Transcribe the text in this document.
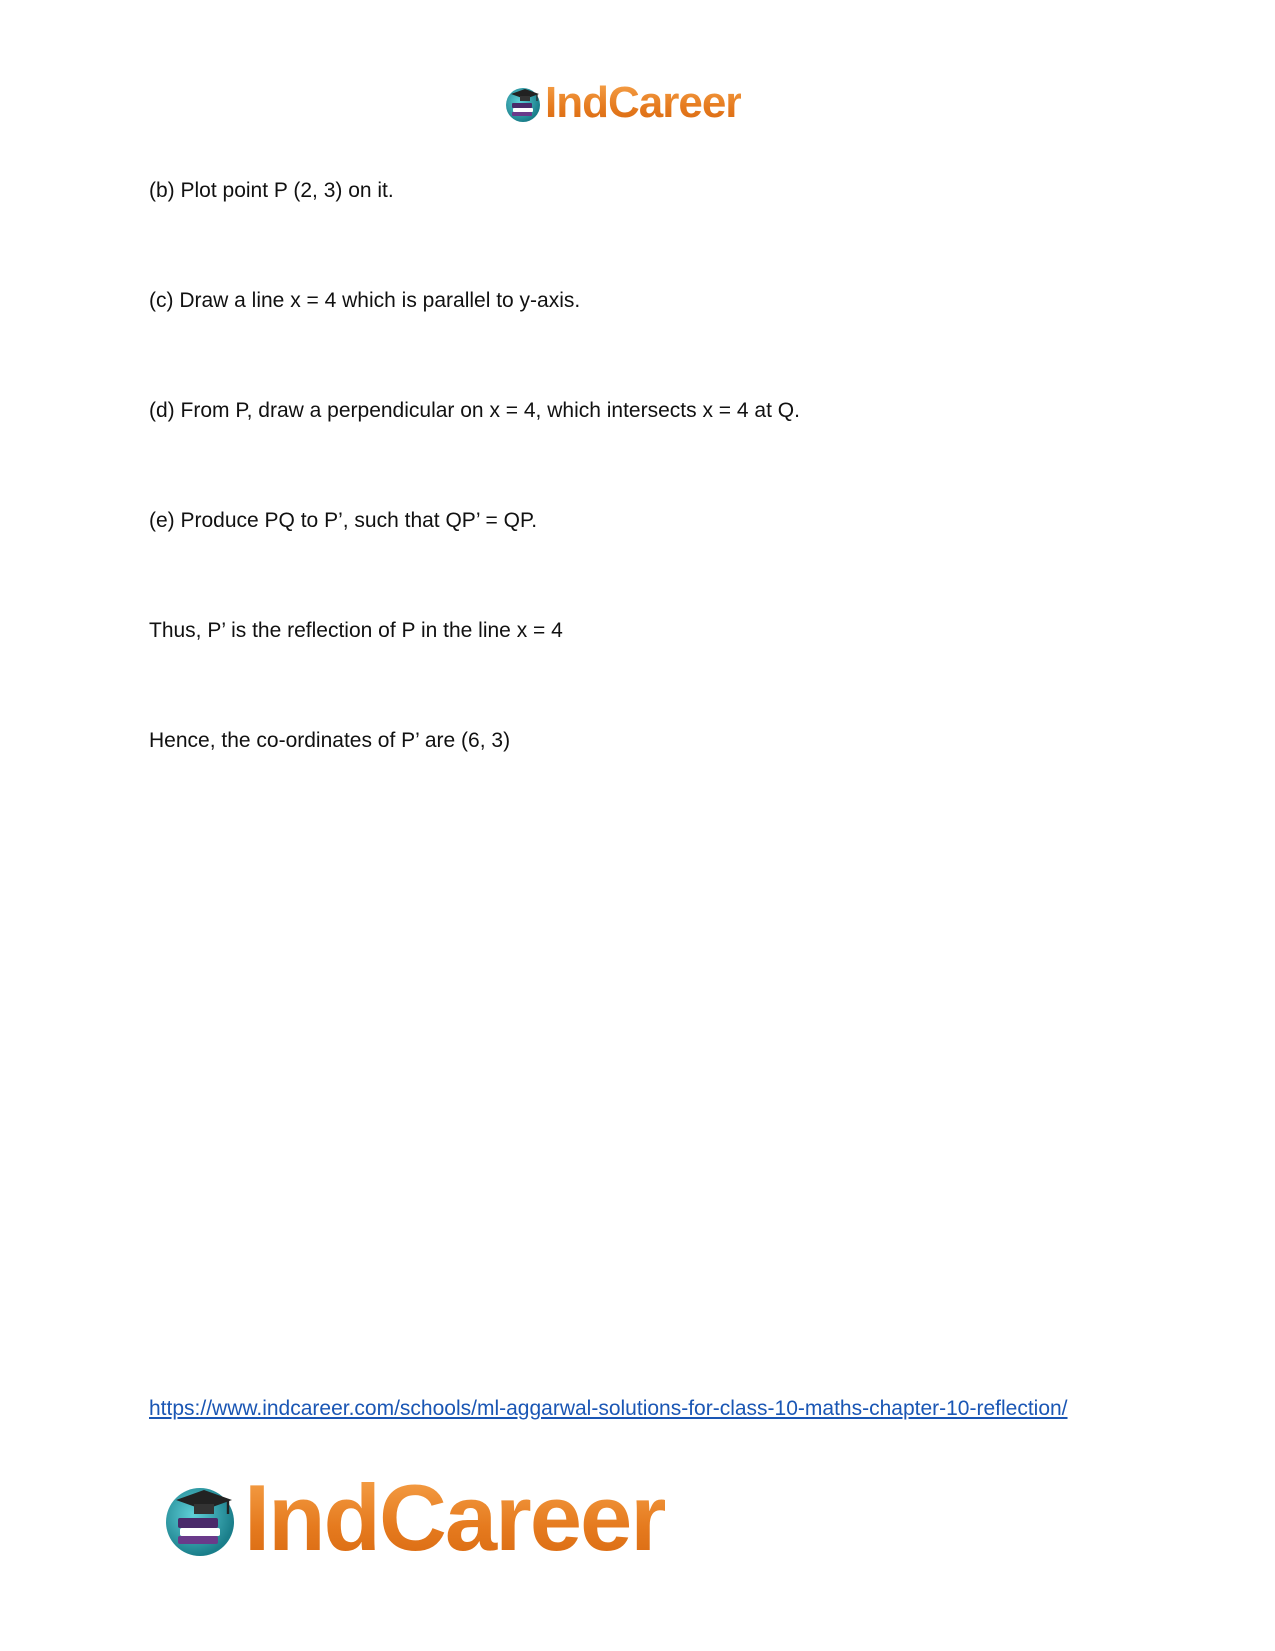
IndCareer

(b) Plot point P (2, 3) on it.

(c) Draw a line x = 4 which is parallel to y-axis.

(d) From P, draw a perpendicular on x = 4, which intersects x = 4 at Q.

(e) Produce PQ to P’, such that QP’ = QP.

Thus, P’ is the reflection of P in the line x = 4

Hence, the co-ordinates of P’ are (6, 3)

https://www.indcareer.com/schools/ml-aggarwal-solutions-for-class-10-maths-chapter-10-reflection/
IndCareer
